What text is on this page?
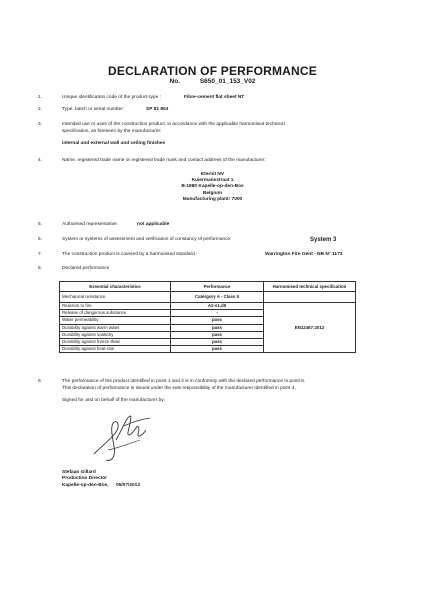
DECLARATION OF PERFORMANCE
No.	S650_01_153_V02
1.	Unique identification code of the product-type :	Fibre-cement flat sheet NT
2.	Type, batch or serial number:	SP 81 804
3.	Intended use or uses of the construction product, in accordance with the applicable harmonised technical
specification, as foreseen by the manufacturer:
internal and external wall and ceiling finishes
4.	Name, registered trade name or registered trade mark and contact address of the manufacturer:
Eternit NV
Kuiermansstraat 1
B-1880 Kapelle-op-den-Bos
Belgium
Manufacturing plant: 7000
5.	Authorised representative:	not applicable
6.	System or systems of assessment and verification of constancy of performance:	System 3
7.	The construction product is covered by a harmonised standard -	Warrington Fire Gent - NB N° 1173
8.	Declared performance
Essential characteristics	Performance	Harmonised technical specification
Mechanical resistance	Catergory A - Class 5	
Reaction to fire	A2-s1,d0	EN12467:2012
Release of dangerous substance	-	
Water permeability	pass	
Durability against warm water	pass	
Durability against soak/dry	pass	
Durability against freeze-thaw	pass	
Durability against heat-rain	pass	
9.	The performance of the product identified in point 1 and 2 is in conformity with the declared performance in point 8.
This declaration of performance is issued under the sole responsibility of the manufacturer identified in point 4.
Signed for and on behalf of the manufacturer by:
Stefaan Gillard
Production Director
Kapelle-op-den-Bos, 05/07/2013
